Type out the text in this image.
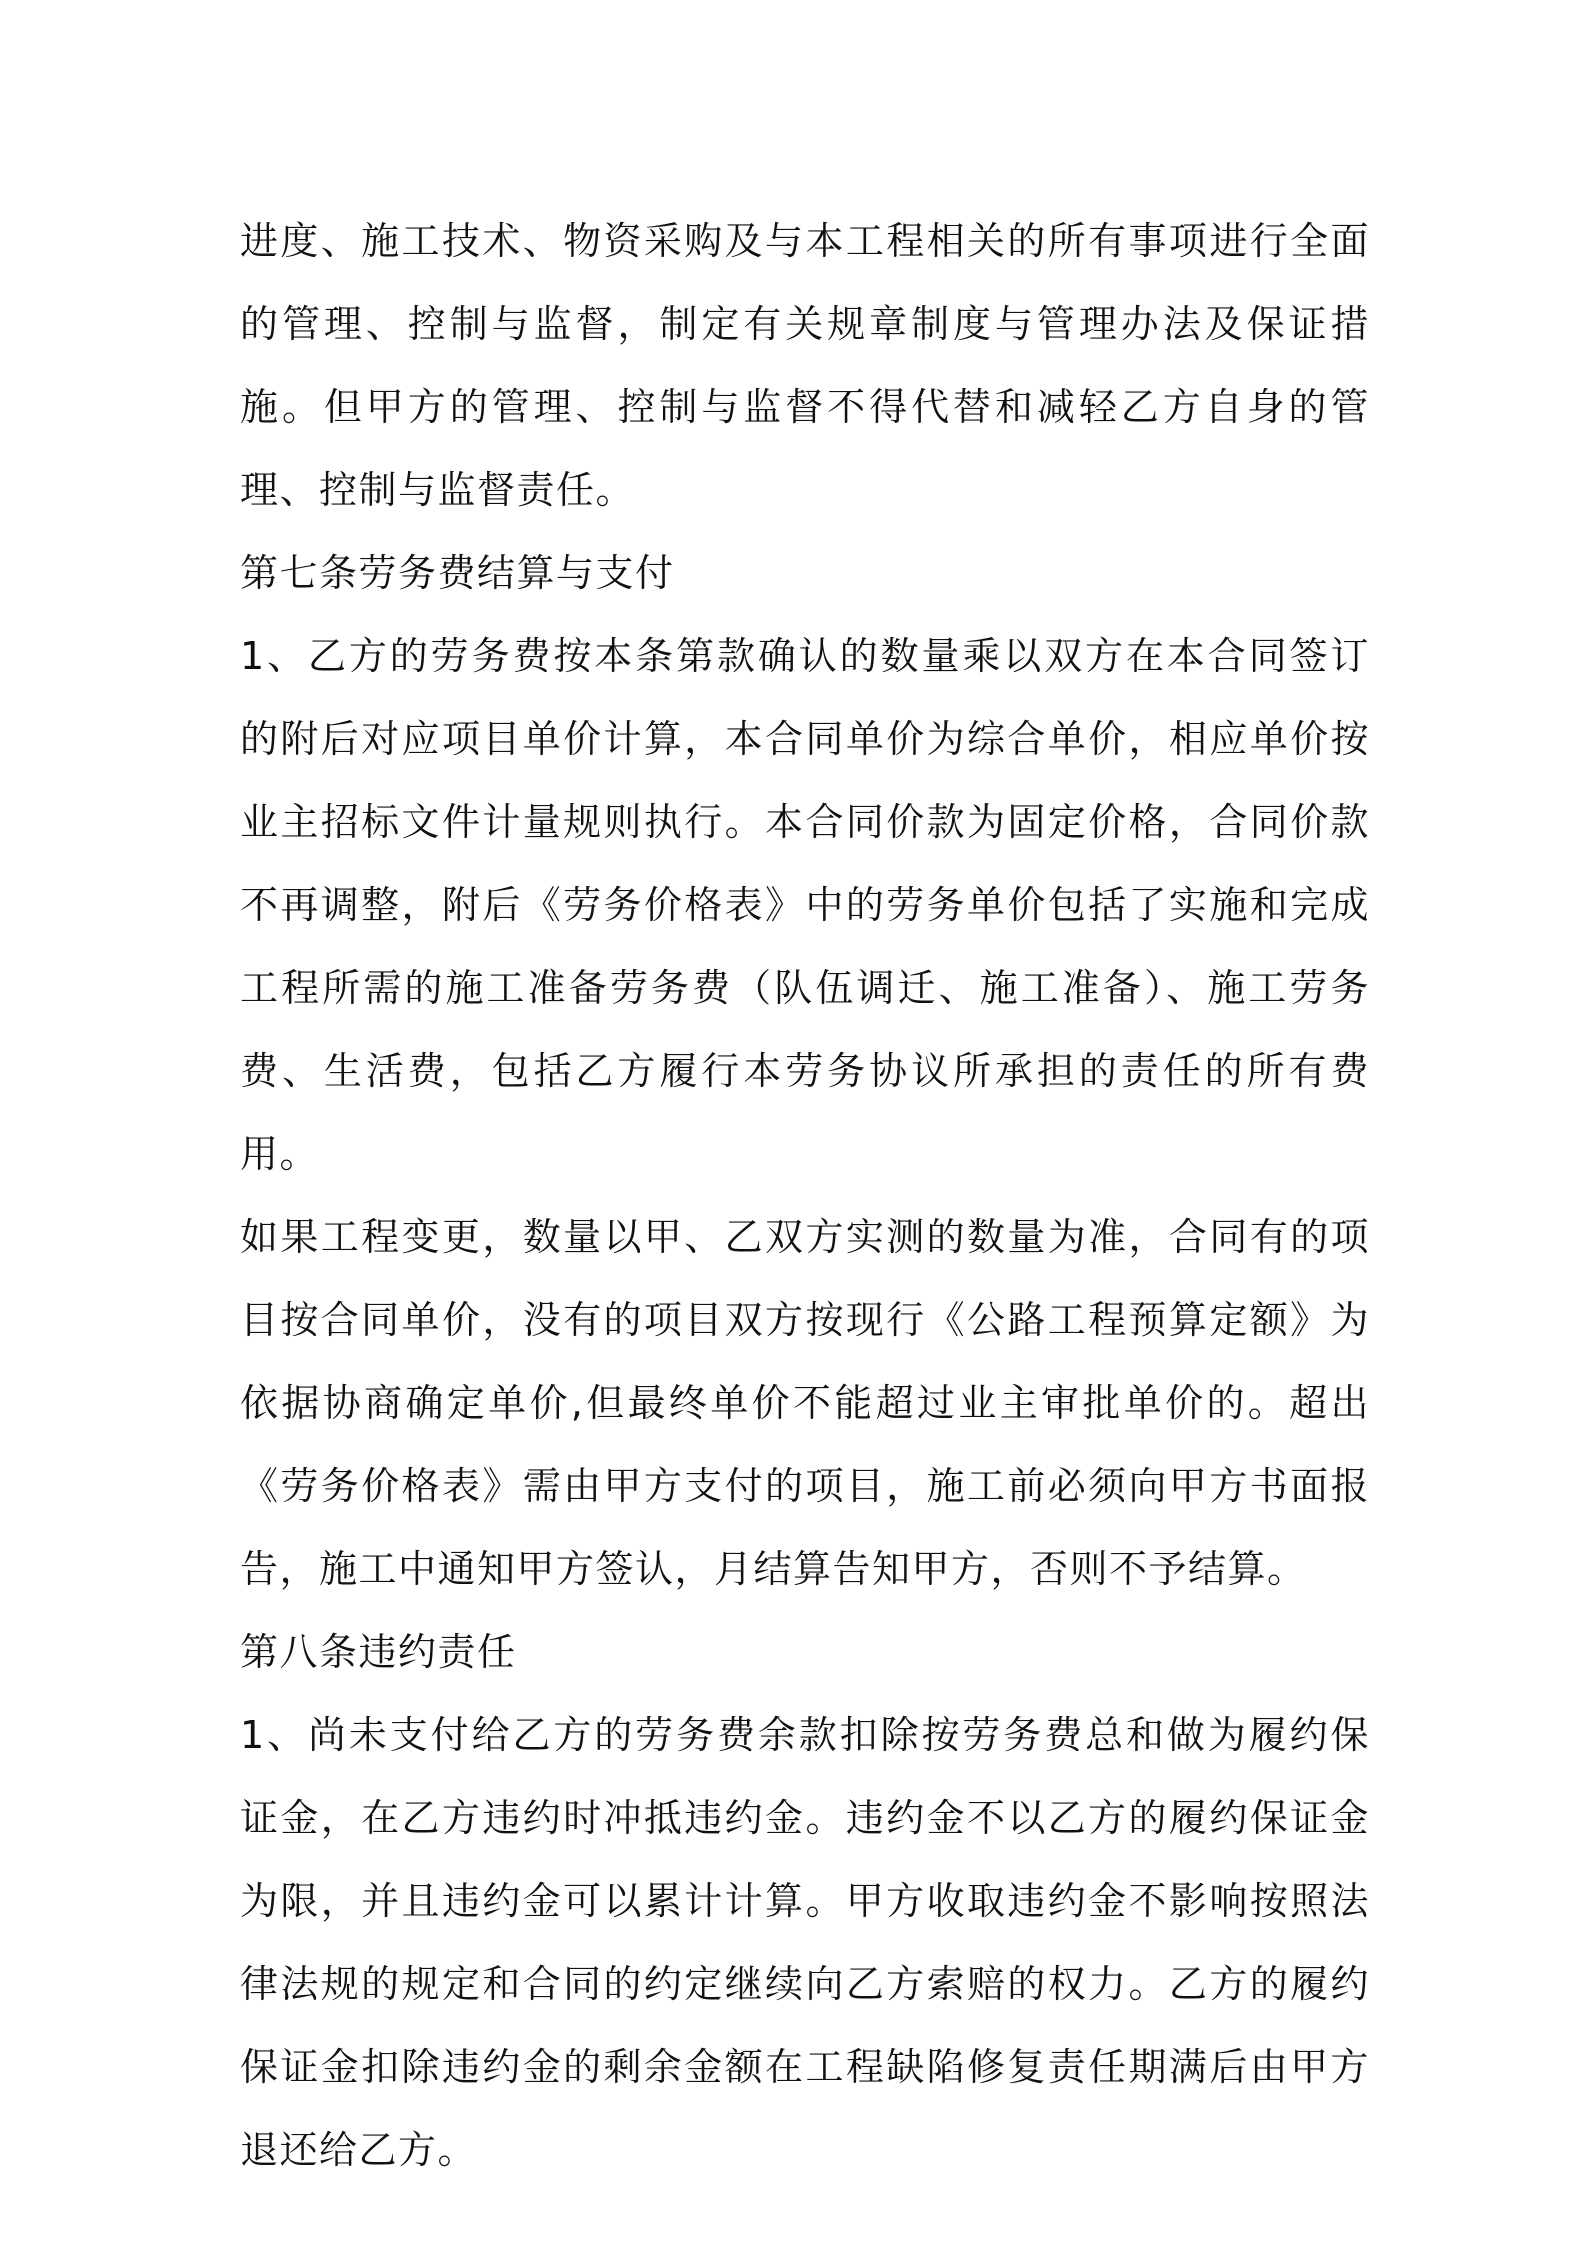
进度、施工技术、物资采购及与本工程相关的所有事项进行全面的管理、控制与监督，制定有关规章制度与管理办法及保证措施。但甲方的管理、控制与监督不得代替和减轻乙方自身的管理、控制与监督责任。

第七条劳务费结算与支付

1、乙方的劳务费按本条第款确认的数量乘以双方在本合同签订的附后对应项目单价计算，本合同单价为综合单价，相应单价按业主招标文件计量规则执行。本合同价款为固定价格，合同价款不再调整，附后《劳务价格表》中的劳务单价包括了实施和完成工程所需的施工准备劳务费（队伍调迁、施工准备）、施工劳务费、生活费，包括乙方履行本劳务协议所承担的责任的所有费用。

如果工程变更，数量以甲、乙双方实测的数量为准，合同有的项目按合同单价，没有的项目双方按现行《公路工程预算定额》为依据协商确定单价,但最终单价不能超过业主审批单价的。超出《劳务价格表》需由甲方支付的项目，施工前必须向甲方书面报告，施工中通知甲方签认，月结算告知甲方，否则不予结算。

第八条违约责任

1、尚未支付给乙方的劳务费余款扣除按劳务费总和做为履约保证金，在乙方违约时冲抵违约金。违约金不以乙方的履约保证金为限，并且违约金可以累计计算。甲方收取违约金不影响按照法律法规的规定和合同的约定继续向乙方索赔的权力。乙方的履约保证金扣除违约金的剩余金额在工程缺陷修复责任期满后由甲方退还给乙方。
